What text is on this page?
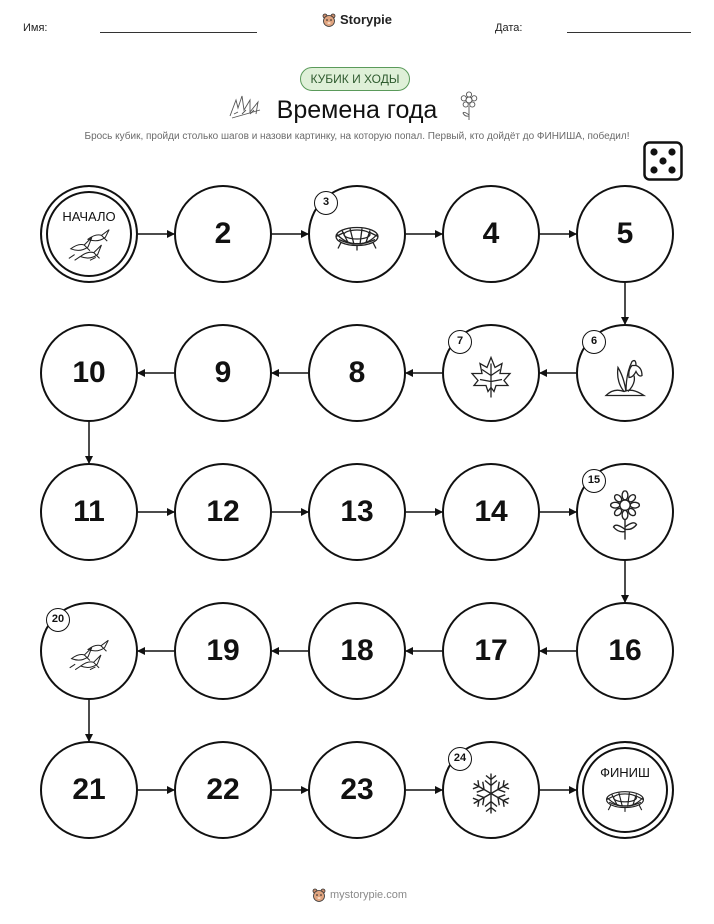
Имя:
Storypie
Дата:
КУБИК И ХОДЫ
Времена года
Брось кубик, пройди столько шагов и назови картинку, на которую попал. Первый, кто дойдёт до ФИНИША, победил!
НАЧАЛО
2
3
4	5
6
7
8
9
10
11	12	13	14
15
16
17
18
19
20
21	22	23
24
ФИНИШ
mystorypie.com
